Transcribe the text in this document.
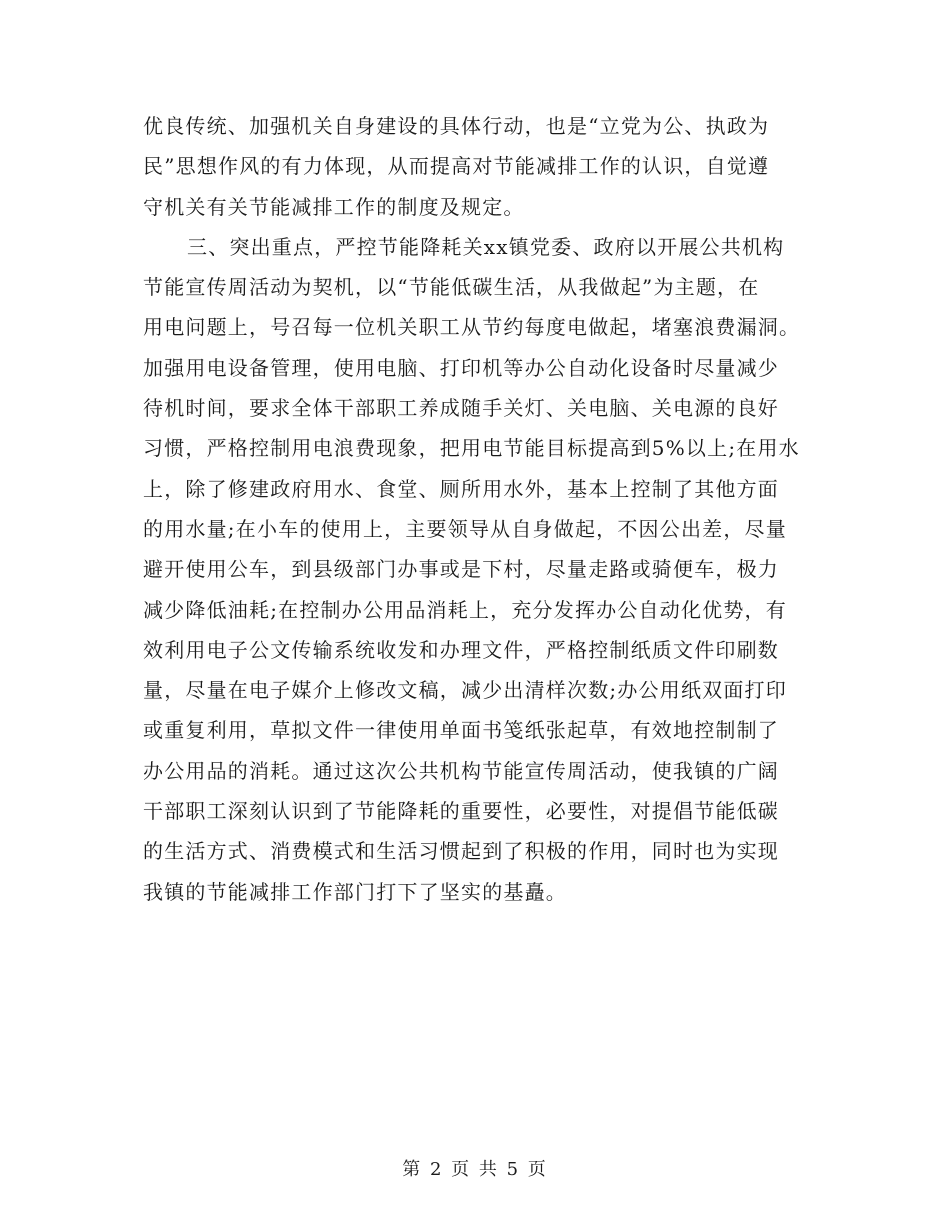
优良传统、加强机关自身建设的具体行动，也是“立党为公、执政为
民”思想作风的有力体现，从而提高对节能减排工作的认识，自觉遵
守机关有关节能减排工作的制度及规定。
三、突出重点，严控节能降耗关xx镇党委、政府以开展公共机构
节能宣传周活动为契机，以“节能低碳生活，从我做起”为主题，在
用电问题上，号召每一位机关职工从节约每度电做起，堵塞浪费漏洞。
加强用电设备管理，使用电脑、打印机等办公自动化设备时尽量减少
待机时间，要求全体干部职工养成随手关灯、关电脑、关电源的良好
习惯，严格控制用电浪费现象，把用电节能目标提高到5%以上;在用水
上，除了修建政府用水、食堂、厕所用水外，基本上控制了其他方面
的用水量;在小车的使用上，主要领导从自身做起，不因公出差，尽量
避开使用公车，到县级部门办事或是下村，尽量走路或骑便车，极力
减少降低油耗;在控制办公用品消耗上，充分发挥办公自动化优势，有
效利用电子公文传输系统收发和办理文件，严格控制纸质文件印刷数
量，尽量在电子媒介上修改文稿，减少出清样次数;办公用纸双面打印
或重复利用，草拟文件一律使用单面书笺纸张起草，有效地控制制了
办公用品的消耗。通过这次公共机构节能宣传周活动，使我镇的广阔
干部职工深刻认识到了节能降耗的重要性，必要性，对提倡节能低碳
的生活方式、消费模式和生活习惯起到了积极的作用，同时也为实现
我镇的节能减排工作部门打下了坚实的基矗。
第 2 页 共 5 页
